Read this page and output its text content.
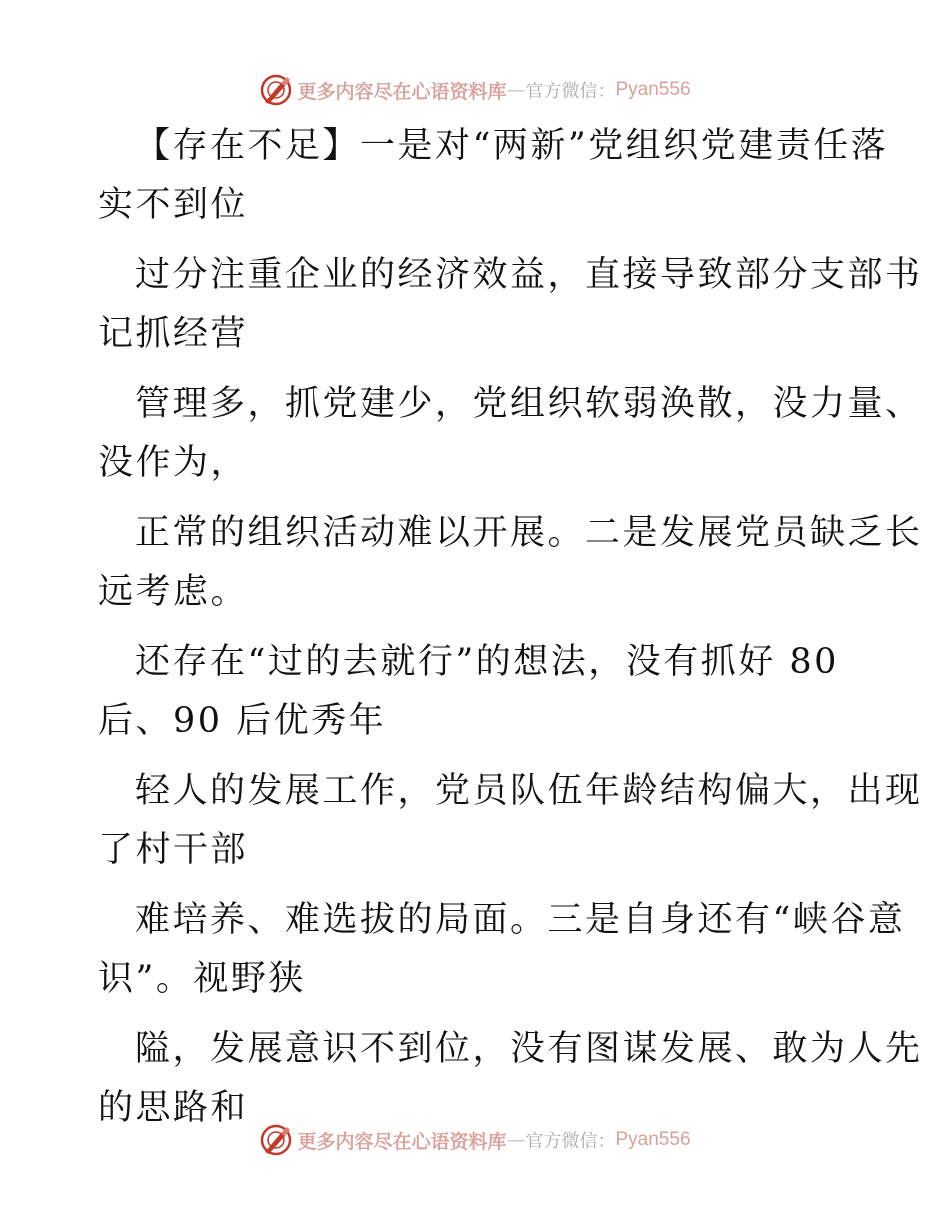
更多内容尽在心语资料库 — 官方微信： Pyan556

【存在不足】一是对“两新”党组织党建责任落

实不到位

过分注重企业的经济效益，直接导致部分支部书

记抓经营

管理多，抓党建少，党组织软弱涣散，没力量、

没作为，

正常的组织活动难以开展。二是发展党员缺乏长

远考虑。

还存在“过的去就行”的想法，没有抓好 80

后、90 后优秀年

轻人的发展工作，党员队伍年龄结构偏大，出现

了村干部

难培养、难选拔的局面。三是自身还有“峡谷意

识”。视野狭

隘，发展意识不到位，没有图谋发展、敢为人先

的思路和

更多内容尽在心语资料库 — 官方微信： Pyan556
